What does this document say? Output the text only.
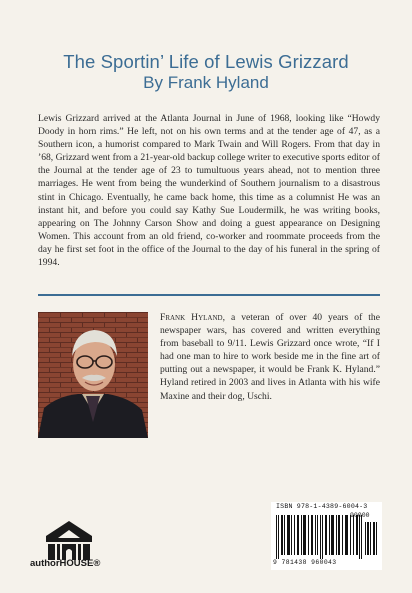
The Sportin’ Life of Lewis Grizzard
By Frank Hyland

Lewis Grizzard arrived at the Atlanta Journal in June of 1968, looking like “Howdy Doody in horn rims.” He left, not on his own terms and at the tender age of 47, as a Southern icon, a humorist compared to Mark Twain and Will Rogers. From that day in ’68, Grizzard went from a 21-year-old backup college writer to executive sports editor of the Journal at the tender age of 23 to tumultuous years ahead, not to mention three marriages. He went from being the wunderkind of Southern journalism to a disastrous stint in Chicago. Eventually, he came back home, this time as a columnist He was an instant hit, and before you could say Kathy Sue Loudermilk, he was writing books, appearing on The Johnny Carson Show and doing a guest appearance on Designing Women. This account from an old friend, co-worker and roommate proceeds from the day he first set foot in the office of the Journal to the day of his funeral in the spring of 1994.

Frank Hyland, a veteran of over 40 years of the newspaper wars, has covered and written everything from baseball to 9/11. Lewis Grizzard once wrote, “If I had one man to hire to work beside me in the fine art of putting out a newspaper, it would be Frank K. Hyland.” Hyland retired in 2003 and lives in Atlanta with his wife Maxine and their dog, Uschi.

authorHOUSE®
ISBN 978-1-4389-6004-3
90000
9 781438 960043
